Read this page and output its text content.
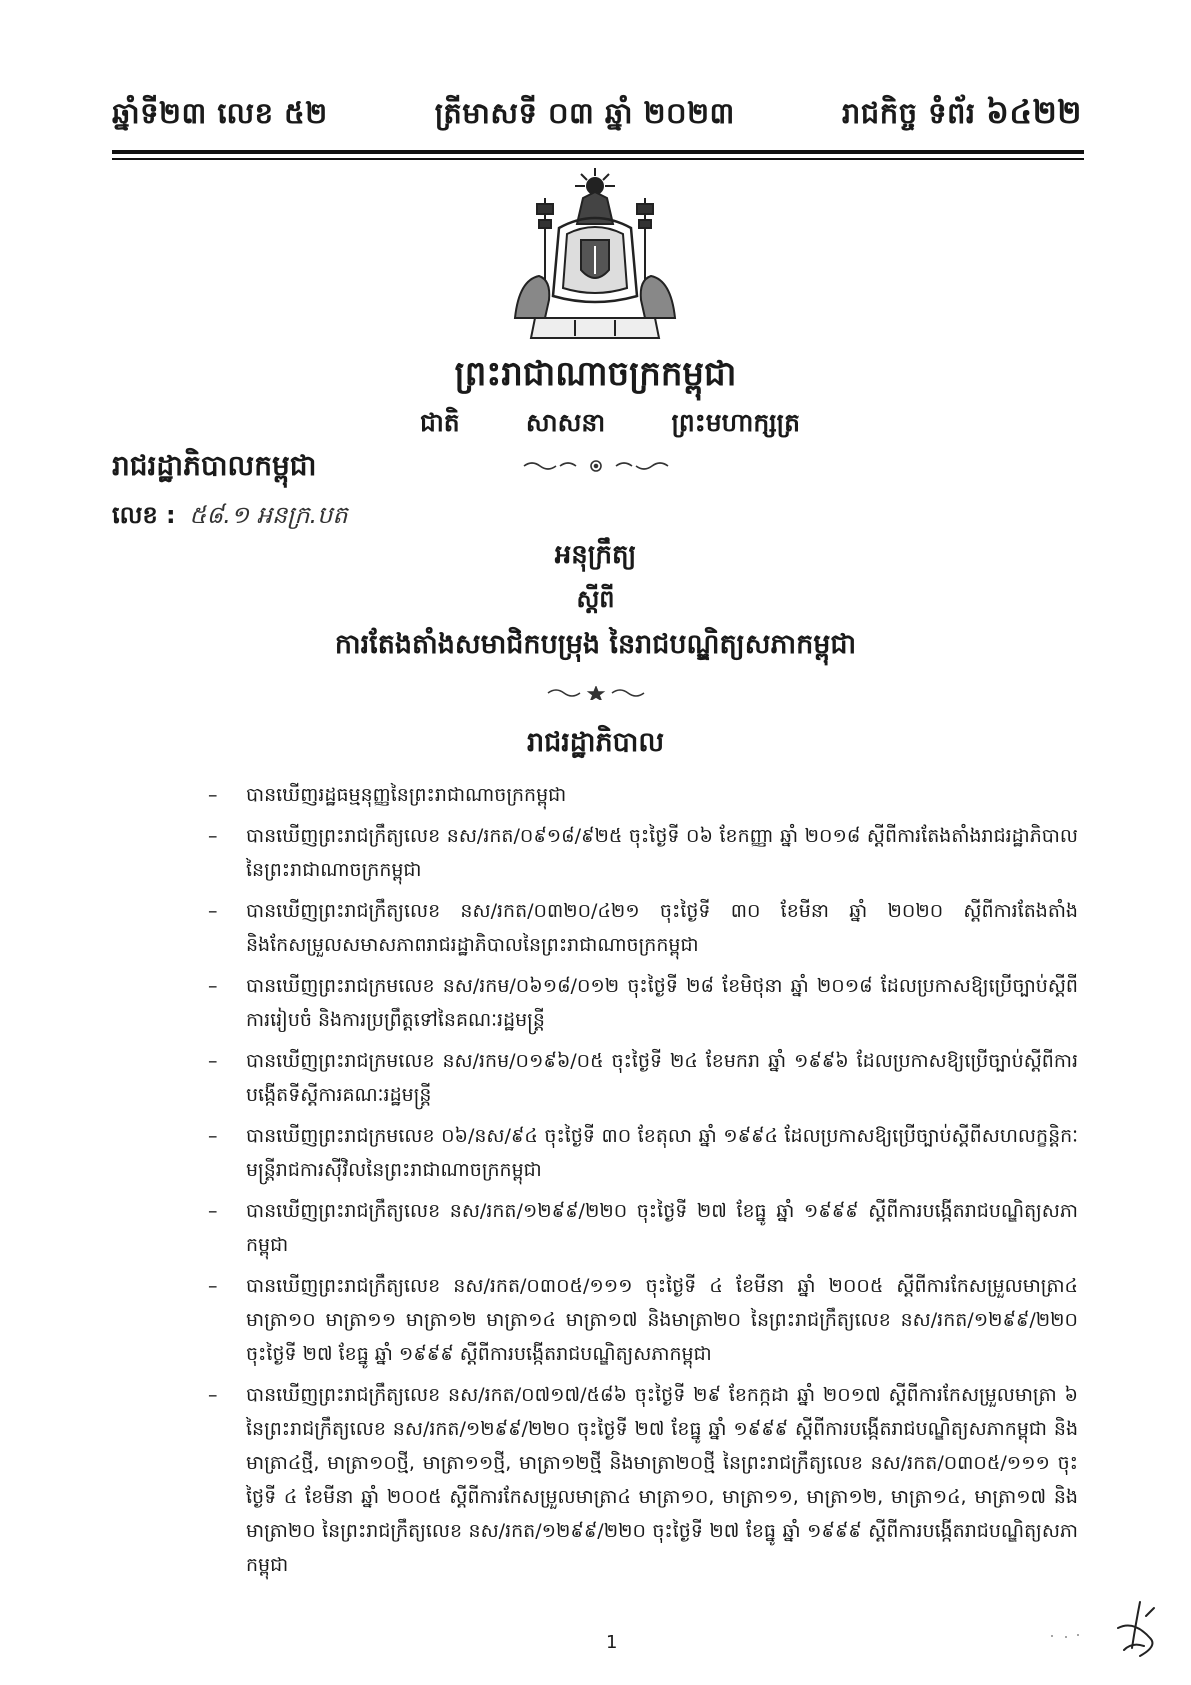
ឆ្នាំទី២៣ លេខ ៥២	ត្រីមាសទី ០៣ ឆ្នាំ ២០២៣	រាជកិច្ច ទំព័រ ៦៤២២
ព្រះរាជាណាចក្រកម្ពុជា
ជាតិ	សាសនា	ព្រះមហាក្សត្រ
រាជរដ្ឋាភិបាលកម្ពុជា
លេខ : ៥៨.១ អនក្រ.បត
អនុក្រឹត្យ
ស្ដីពី
ការតែងតាំងសមាជិកបម្រុង នៃរាជបណ្ឌិត្យសភាកម្ពុជា
រាជរដ្ឋាភិបាល
– បានឃើញរដ្ឋធម្មនុញ្ញនៃព្រះរាជាណាចក្រកម្ពុជា
– បានឃើញព្រះរាជក្រឹត្យលេខ នស/រកត/០៩១៨/៩២៥ ចុះថ្ងៃទី ០៦ ខែកញ្ញា ឆ្នាំ ២០១៨ ស្ដីពីការតែងតាំងរាជរដ្ឋាភិបាលនៃព្រះរាជាណាចក្រកម្ពុជា
– បានឃើញព្រះរាជក្រឹត្យលេខ នស/រកត/០៣២០/៤២១ ចុះថ្ងៃទី ៣០ ខែមីនា ឆ្នាំ ២០២០ ស្ដីពីការតែងតាំង និងកែសម្រួលសមាសភាពរាជរដ្ឋាភិបាលនៃព្រះរាជាណាចក្រកម្ពុជា
– បានឃើញព្រះរាជក្រមលេខ នស/រកម/០៦១៨/០១២ ចុះថ្ងៃទី ២៨ ខែមិថុនា ឆ្នាំ ២០១៨ ដែលប្រកាសឱ្យប្រើច្បាប់ស្ដីពីការរៀបចំ និងការប្រព្រឹត្តទៅនៃគណៈរដ្ឋមន្ត្រី
– បានឃើញព្រះរាជក្រមលេខ នស/រកម/០១៩៦/០៥ ចុះថ្ងៃទី ២៤ ខែមករា ឆ្នាំ ១៩៩៦ ដែលប្រកាសឱ្យប្រើច្បាប់ស្ដីពីការបង្កើតទីស្ដីការគណៈរដ្ឋមន្ត្រី
– បានឃើញព្រះរាជក្រមលេខ ០៦/នស/៩៤ ចុះថ្ងៃទី ៣០ ខែតុលា ឆ្នាំ ១៩៩៤ ដែលប្រកាសឱ្យប្រើច្បាប់ស្ដីពីសហលក្ខន្តិកៈមន្ត្រីរាជការស៊ីវិលនៃព្រះរាជាណាចក្រកម្ពុជា
– បានឃើញព្រះរាជក្រឹត្យលេខ នស/រកត/១២៩៩/២២០ ចុះថ្ងៃទី ២៧ ខែធ្នូ ឆ្នាំ ១៩៩៩ ស្ដីពីការបង្កើតរាជបណ្ឌិត្យសភាកម្ពុជា
– បានឃើញព្រះរាជក្រឹត្យលេខ នស/រកត/០៣០៥/១១១ ចុះថ្ងៃទី ៤ ខែមីនា ឆ្នាំ ២០០៥ ស្ដីពីការកែសម្រួលមាត្រា៤ មាត្រា១០ មាត្រា១១ មាត្រា១២ មាត្រា១៤ មាត្រា១៧ និងមាត្រា២០ នៃព្រះរាជក្រឹត្យលេខ នស/រកត/១២៩៩/២២០ ចុះថ្ងៃទី ២៧ ខែធ្នូ ឆ្នាំ ១៩៩៩ ស្ដីពីការបង្កើតរាជបណ្ឌិត្យសភាកម្ពុជា
– បានឃើញព្រះរាជក្រឹត្យលេខ នស/រកត/០៧១៧/៥៨៦ ចុះថ្ងៃទី ២៩ ខែកក្កដា ឆ្នាំ ២០១៧ ស្ដីពីការកែសម្រួលមាត្រា ៦ នៃព្រះរាជក្រឹត្យលេខ នស/រកត/១២៩៩/២២០ ចុះថ្ងៃទី ២៧ ខែធ្នូ ឆ្នាំ ១៩៩៩ ស្ដីពីការបង្កើតរាជបណ្ឌិត្យសភាកម្ពុជា និងមាត្រា៤ថ្មី, មាត្រា១០ថ្មី, មាត្រា១១ថ្មី, មាត្រា១២ថ្មី និងមាត្រា២០ថ្មី នៃព្រះរាជក្រឹត្យលេខ នស/រកត/០៣០៥/១១១ ចុះថ្ងៃទី ៤ ខែមីនា ឆ្នាំ ២០០៥ ស្ដីពីការកែសម្រួលមាត្រា៤ មាត្រា១០, មាត្រា១១, មាត្រា១២, មាត្រា១៤, មាត្រា១៧ និងមាត្រា២០ នៃព្រះរាជក្រឹត្យលេខ នស/រកត/១២៩៩/២២០ ចុះថ្ងៃទី ២៧ ខែធ្នូ ឆ្នាំ ១៩៩៩ ស្ដីពីការបង្កើតរាជបណ្ឌិត្យសភាកម្ពុជា
1
